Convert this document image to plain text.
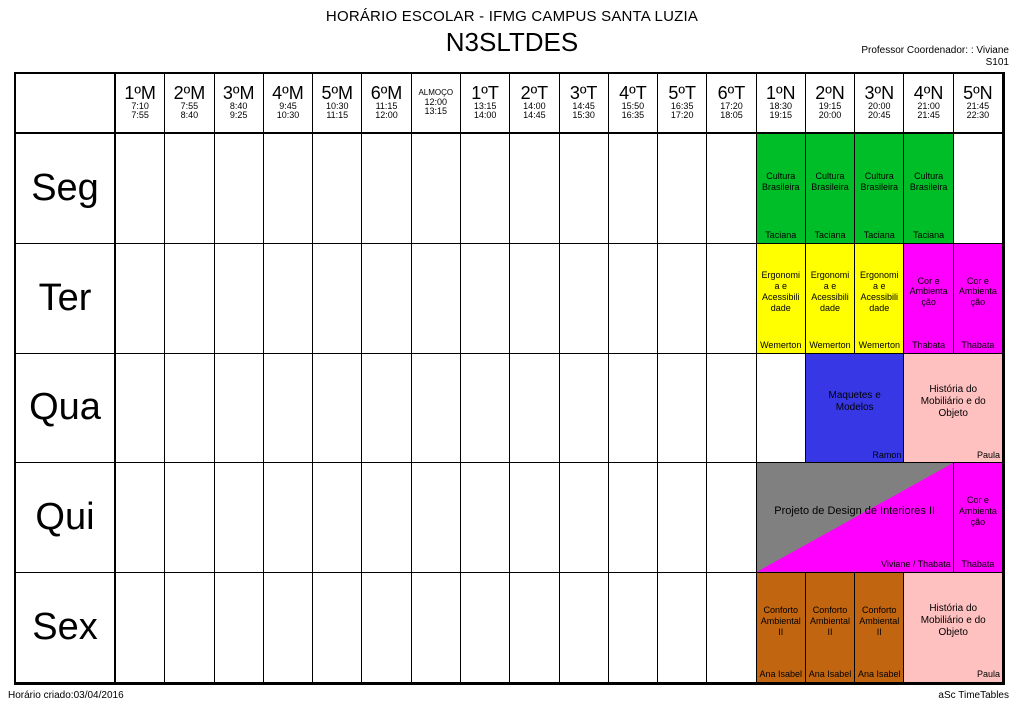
HORÁRIO ESCOLAR - IFMG CAMPUS SANTA LUZIA
N3SLTDES	Professor Coordenador: : Viviane
S101
1ºM
7:10
7:55
2ºM
7:55
8:40
3ºM
8:40
9:25
4ºM
9:45
10:30
5ºM
10:30
11:15
6ºM
11:15
12:00
ALMOÇO
12:00
13:15
1ºT
13:15
14:00
2ºT
14:00
14:45
3ºT
14:45
15:30
4ºT
15:50
16:35
5ºT
16:35
17:20
6ºT
17:20
18:05
1ºN
18:30
19:15
2ºN
19:15
20:00
3ºN
20:00
20:45
4ºN
21:00
21:45
5ºN
21:45
22:30
Seg
Ter
Qua
Qui
Sex
Cultura Brasileira
Taciana
Cultura Brasileira
Taciana
Cultura Brasileira
Taciana
Cultura Brasileira
Taciana
Ergonomia e Acessibilidade
Wemerton
Ergonomia e Acessibilidade
Wemerton
Ergonomia e Acessibilidade
Wemerton
Cor e Ambientação
Thabata
Cor e Ambientação
Thabata
Maquetes e Modelos
Ramon
História do Mobiliário e do Objeto
Paula
Projeto de Design de Interiores II
Viviane / Thabata
Cor e Ambientação
Thabata
Conforto Ambiental II
Ana Isabel
Conforto Ambiental II
Ana Isabel
Conforto Ambiental II
Ana Isabel
História do Mobiliário e do Objeto
Paula
Horário criado:03/04/2016	aSc TimeTables
